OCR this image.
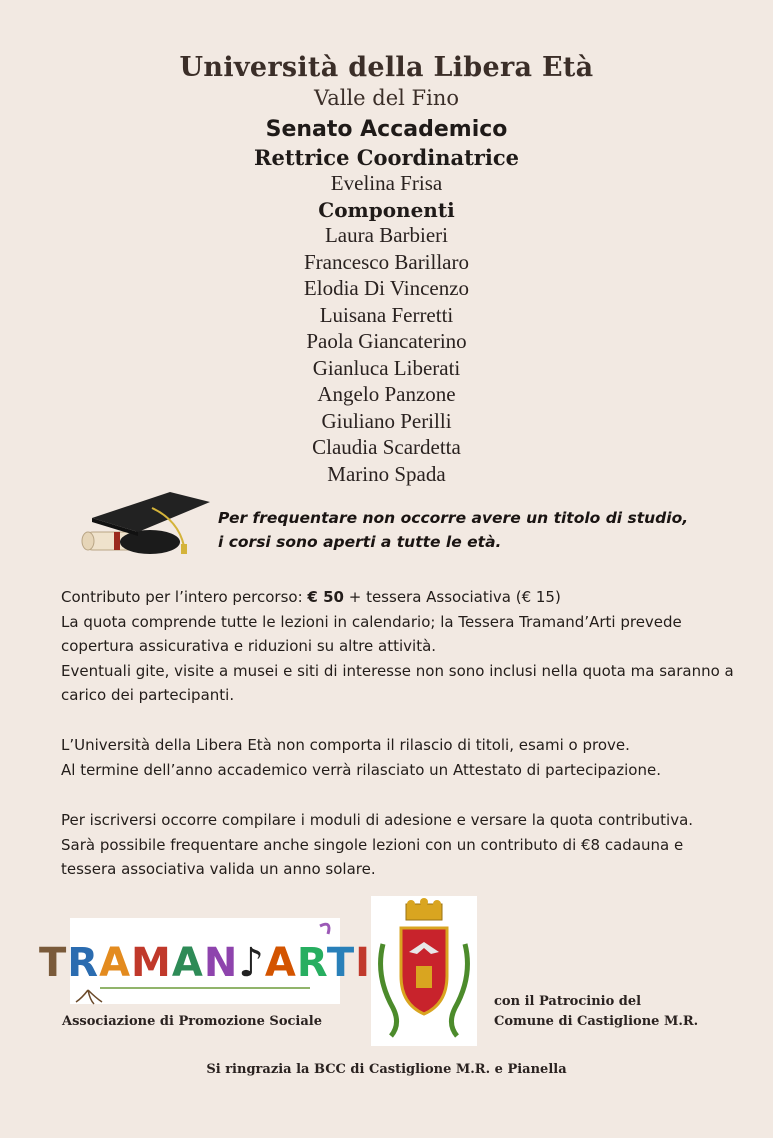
Università della Libera Età
Valle del Fino
Senato Accademico
Rettrice Coordinatrice
Evelina Frisa
Componenti
Laura Barbieri
Francesco Barillaro
Elodia Di Vincenzo
Luisana Ferretti
Paola Giancaterino
Gianluca Liberati
Angelo Panzone
Giuliano Perilli
Claudia Scardetta
Marino Spada
Per frequentare non occorre avere un titolo di studio,
i corsi sono aperti a tutte le età.
Contributo per l’intero percorso: € 50 + tessera Associativa (€ 15)
La quota comprende tutte le lezioni in calendario; la Tessera Tramand’Arti prevede copertura assicurativa e riduzioni su altre attività.
Eventuali gite, visite a musei e siti di interesse non sono inclusi nella quota ma saranno a carico dei partecipanti.
L’Università della Libera Età non comporta il rilascio di titoli, esami o prove.
Al termine dell’anno accademico verrà rilasciato un Attestato di partecipazione.
Per iscriversi occorre compilare i moduli di adesione e versare la quota contributiva.
Sarà possibile frequentare anche singole lezioni con un contributo di €8 cadauna e tessera associativa valida un anno solare.
TRAMAN♪ARTI
Associazione di Promozione Sociale
con il Patrocinio del
Comune di Castiglione M.R.
Si ringrazia la BCC di Castiglione M.R. e Pianella
